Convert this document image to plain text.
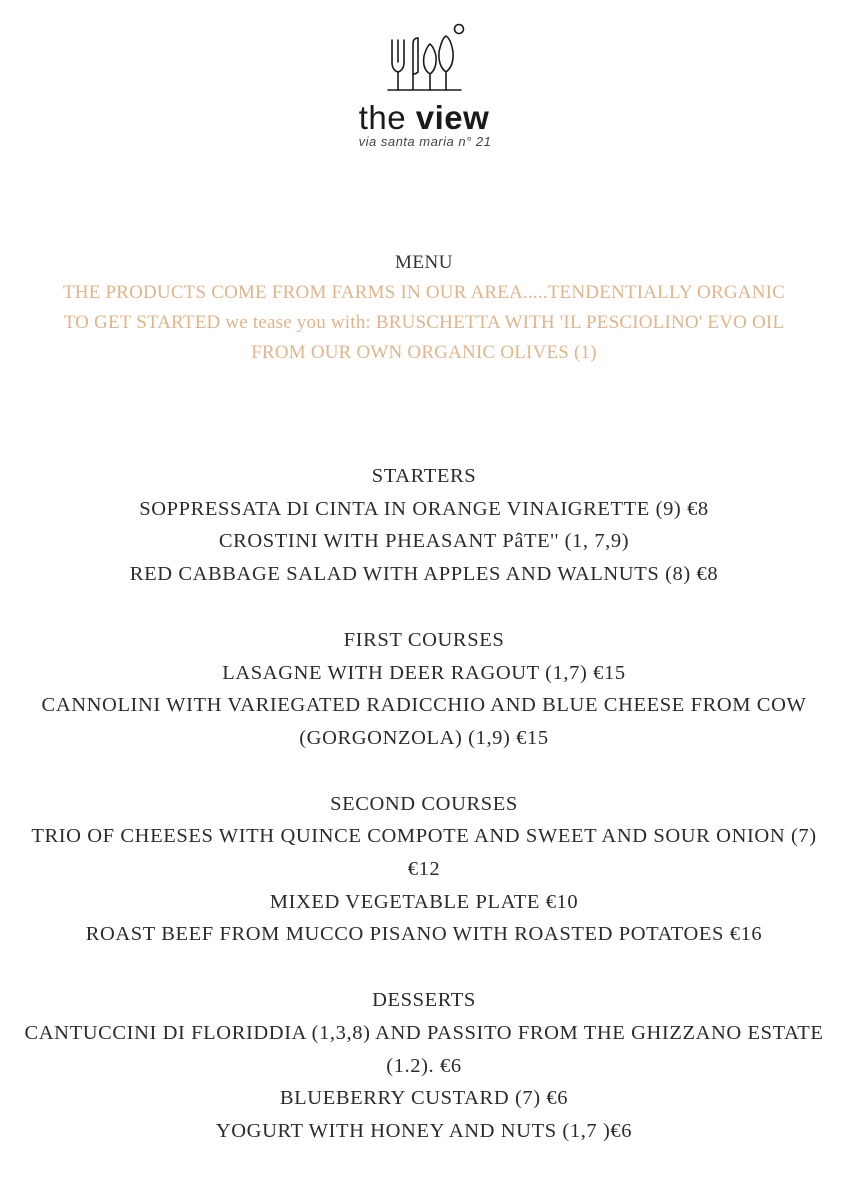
the view
via santa maria n° 21
MENU

THE PRODUCTS COME FROM FARMS IN OUR AREA.....TENDENTIALLY ORGANIC

TO GET STARTED we tease you with: BRUSCHETTA WITH 'IL PESCIOLINO' EVO OIL

FROM OUR OWN ORGANIC OLIVES (1)

STARTERS

SOPPRESSATA DI CINTA IN ORANGE VINAIGRETTE (9) €8

CROSTINI WITH PHEASANT PâTE'' (1, 7,9)

RED CABBAGE SALAD WITH APPLES AND WALNUTS (8) €8

FIRST COURSES

LASAGNE WITH DEER RAGOUT (1,7) €15

CANNOLINI WITH VARIEGATED RADICCHIO AND BLUE CHEESE FROM COW (GORGONZOLA) (1,9) €15

SECOND COURSES

TRIO OF CHEESES WITH QUINCE COMPOTE AND SWEET AND SOUR ONION (7) €12

MIXED VEGETABLE PLATE €10

ROAST BEEF FROM MUCCO PISANO WITH ROASTED POTATOES €16

DESSERTS

CANTUCCINI DI FLORIDDIA (1,3,8) AND PASSITO FROM THE GHIZZANO ESTATE (1.2). €6

BLUEBERRY CUSTARD (7) €6

YOGURT WITH HONEY AND NUTS (1,7 )€6
